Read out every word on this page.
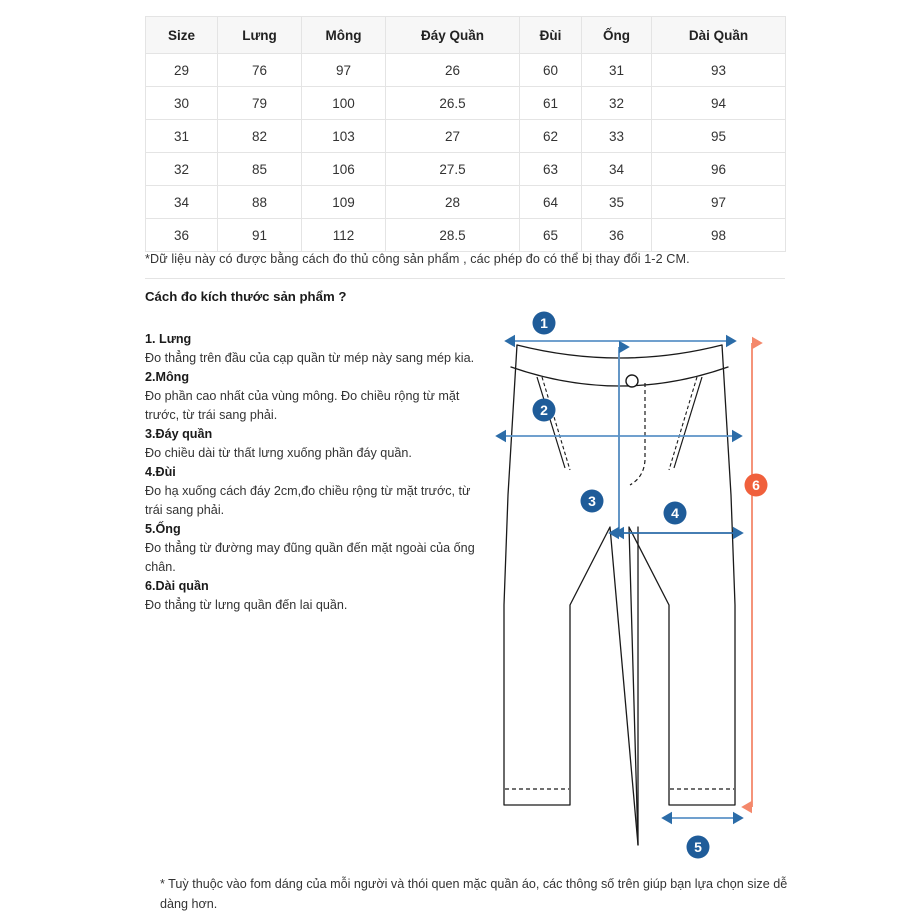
Size	Lưng	Mông	Đáy Quần	Đùi	Ống	Dài Quần
29	76	97	26	60	31	93
30	79	100	26.5	61	32	94
31	82	103	27	62	33	95
32	85	106	27.5	63	34	96
34	88	109	28	64	35	97
36	91	112	28.5	65	36	98
*Dữ liệu này có được bằng cách đo thủ công sản phẩm , các phép đo có thể bị thay đổi 1-2 CM.
Cách đo kích thước sản phẩm ?
1. Lưng
Đo thẳng trên đầu của cạp quần từ mép này sang mép kia.
2.Mông
Đo phần cao nhất của vùng mông. Đo chiều rộng từ mặt trước, từ trái sang phải.
3.Đáy quần
Đo chiều dài từ thất lưng xuống phần đáy quần.
4.Đùi
Đo hạ xuống cách đáy 2cm,đo chiều rộng từ mặt trước, từ trái sang phải.
5.Ống
Đo thẳng từ đường may đũng quần đến mặt ngoài của ống chân.
6.Dài quần
Đo thẳng từ lưng quần đến lai quần.
1
2
3
4
5
6
* Tuỳ thuộc vào fom dáng của mỗi người và thói quen mặc quần áo, các thông số trên giúp bạn lựa chọn size dễ dàng hơn.
